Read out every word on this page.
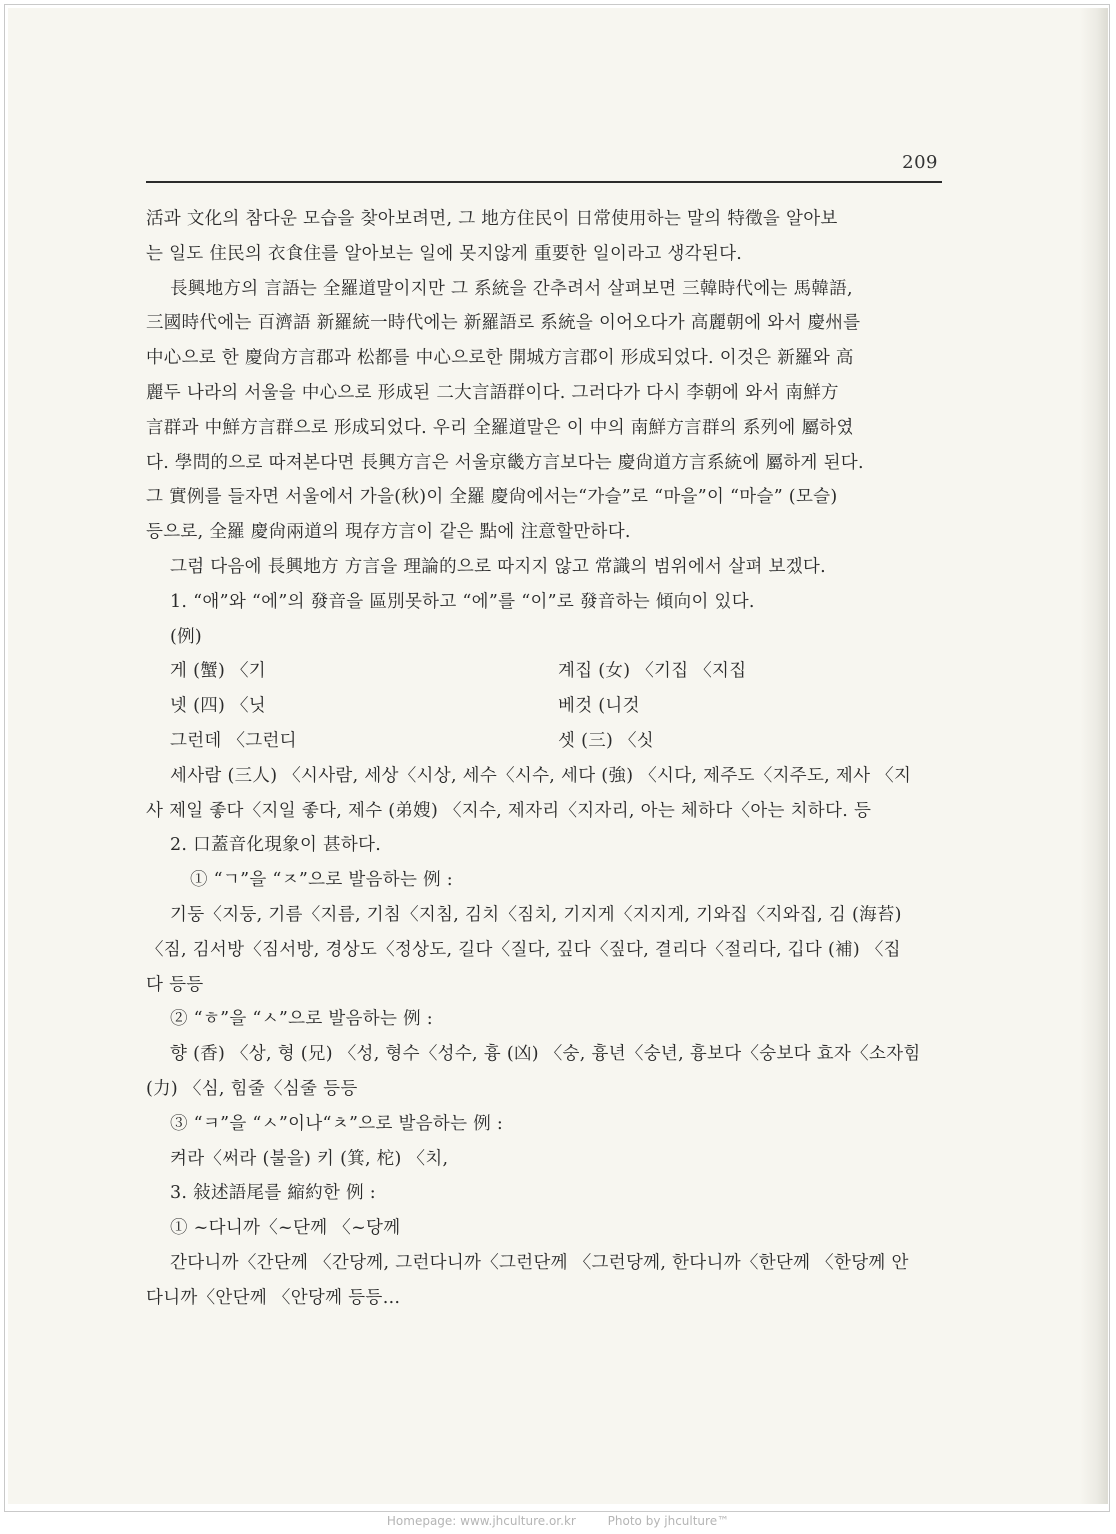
209
活과 文化의 참다운 모습을 찾아보려면, 그 地方住民이 日常使用하는 말의 特徵을 알아보
는 일도 住民의 衣食住를 알아보는 일에 못지않게 重要한 일이라고 생각된다.
長興地方의 言語는 全羅道말이지만 그 系統을 간추려서 살펴보면 三韓時代에는 馬韓語,
三國時代에는 百濟語 新羅統一時代에는 新羅語로 系統을 이어오다가 高麗朝에 와서 慶州를
中心으로 한 慶尙方言郡과 松都를 中心으로한 開城方言郡이 形成되었다. 이것은 新羅와 高
麗두 나라의 서울을 中心으로 形成된 二大言語群이다. 그러다가 다시 李朝에 와서 南鮮方
言群과 中鮮方言群으로 形成되었다. 우리 全羅道말은 이 中의 南鮮方言群의 系列에 屬하였
다. 學問的으로 따져본다면 長興方言은 서울京畿方言보다는 慶尙道方言系統에 屬하게 된다.
그 實例를 들자면 서울에서 가을(秋)이 全羅 慶尙에서는“가슬”로 “마을”이 “마슬” (모슬)
등으로, 全羅 慶尙兩道의 現存方言이 같은 點에 注意할만하다.
그럼 다음에 長興地方 方言을 理論的으로 따지지 않고 常識의 범위에서 살펴 보겠다.
1. “애”와 “에”의 發音을 區別못하고 “에”를 “이”로 發音하는 傾向이 있다.
(例)
게 (蟹) 〈기	계집 (女) 〈기집 〈지집
넷 (四) 〈닛	베것 (니것
그런데 〈그런디	셋 (三) 〈싯
세사람 (三人) 〈시사람, 세상〈시상, 세수〈시수, 세다 (強) 〈시다, 제주도〈지주도, 제사 〈지
사 제일 좋다〈지일 좋다, 제수 (弟嫂) 〈지수, 제자리〈지자리, 아는 체하다〈아는 치하다. 등
2. 口蓋音化現象이 甚하다.
① “ㄱ”을 “ㅈ”으로 발음하는 例 :
기둥〈지둥, 기름〈지름, 기침〈지침, 김치〈짐치, 기지게〈지지게, 기와집〈지와집, 김 (海苔)
〈짐, 김서방〈짐서방, 경상도〈정상도, 길다〈질다, 깊다〈짚다, 결리다〈절리다, 깁다 (補) 〈집
다 등등
② “ㅎ”을 “ㅅ”으로 발음하는 例 :
향 (香) 〈상, 형 (兄) 〈성, 형수〈성수, 흉 (凶) 〈숭, 흉년〈숭년, 흉보다〈숭보다 효자〈소자힘
(力) 〈심, 힘줄〈심줄 등등
③ “ㅋ”을 “ㅅ”이나“ㅊ”으로 발음하는 例 :
켜라〈써라 (불을) 키 (箕, 柁) 〈치,
3. 敍述語尾를 縮約한 例 :
① ~다니까〈~단께 〈~당께
간다니까〈간단께 〈간당께, 그런다니까〈그런단께 〈그런당께, 한다니까〈한단께 〈한당께 안
다니까〈안단께 〈안당께 등등…
Homepage: www.jhculture.or.kr	Photo by jhculture™
